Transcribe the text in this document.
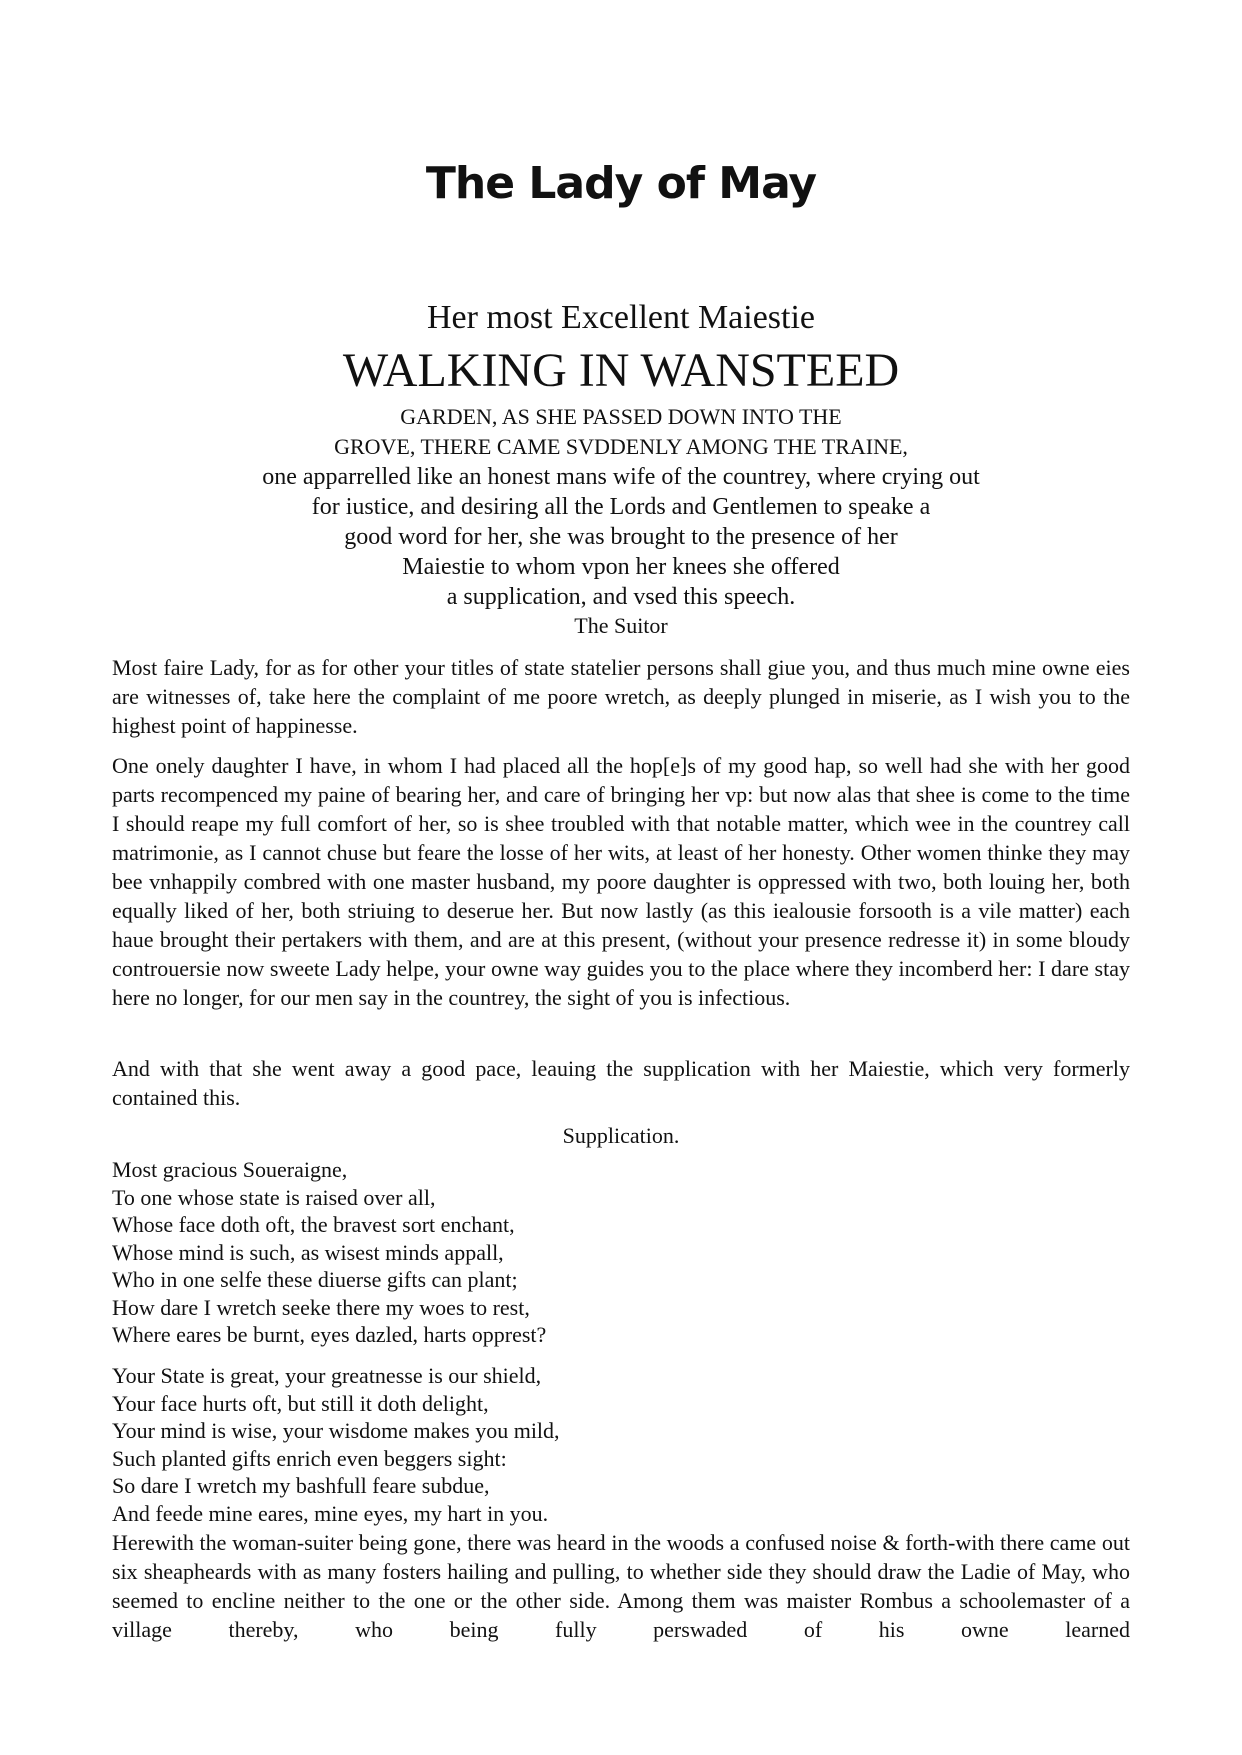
The Lady of May
Her most Excellent Maiestie
WALKING IN WANSTEED
GARDEN, AS SHE PASSED DOWN INTO THE
GROVE, THERE CAME SVDDENLY AMONG THE TRAINE,
one apparrelled like an honest mans wife of the countrey, where crying out
for iustice, and desiring all the Lords and Gentlemen to speake a
good word for her, she was brought to the presence of her
Maiestie to whom vpon her knees she offered
a supplication, and vsed this speech.
The Suitor

Most faire Lady, for as for other your titles of state statelier persons shall giue you, and thus much mine owne eies are witnesses of, take here the complaint of me poore wretch, as deeply plunged in miserie, as I wish you to the highest point of happinesse.

One onely daughter I have, in whom I had placed all the hop[e]s of my good hap, so well had she with her good parts recompenced my paine of bearing her, and care of bringing her vp: but now alas that shee is come to the time I should reape my full comfort of her, so is shee troubled with that notable matter, which wee in the countrey call matrimonie, as I cannot chuse but feare the losse of her wits, at least of her honesty. Other women thinke they may bee vnhappily combred with one master husband, my poore daughter is oppressed with two, both louing her, both equally liked of her, both striuing to deserue her. But now lastly (as this iealousie forsooth is a vile matter) each haue brought their pertakers with them, and are at this present, (without your presence redresse it) in some bloudy controuersie now sweete Lady helpe, your owne way guides you to the place where they incomberd her: I dare stay here no longer, for our men say in the countrey, the sight of you is infectious.

And with that she went away a good pace, leauing the supplication with her Maiestie, which very formerly contained this.

Supplication.
Most gracious Soueraigne,
To one whose state is raised over all,
Whose face doth oft, the bravest sort enchant,
Whose mind is such, as wisest minds appall,
Who in one selfe these diuerse gifts can plant;
How dare I wretch seeke there my woes to rest,
Where eares be burnt, eyes dazled, harts opprest?
Your State is great, your greatnesse is our shield,
Your face hurts oft, but still it doth delight,
Your mind is wise, your wisdome makes you mild,
Such planted gifts enrich even beggers sight:
So dare I wretch my bashfull feare subdue,
And feede mine eares, mine eyes, my hart in you.

Herewith the woman-suiter being gone, there was heard in the woods a confused noise & forth-with there came out six sheapheards with as many fosters hailing and pulling, to whether side they should draw the Ladie of May, who seemed to encline neither to the one or the other side. Among them was maister Rombus a schoolemaster of a village thereby, who being fully perswaded of his owne learned
